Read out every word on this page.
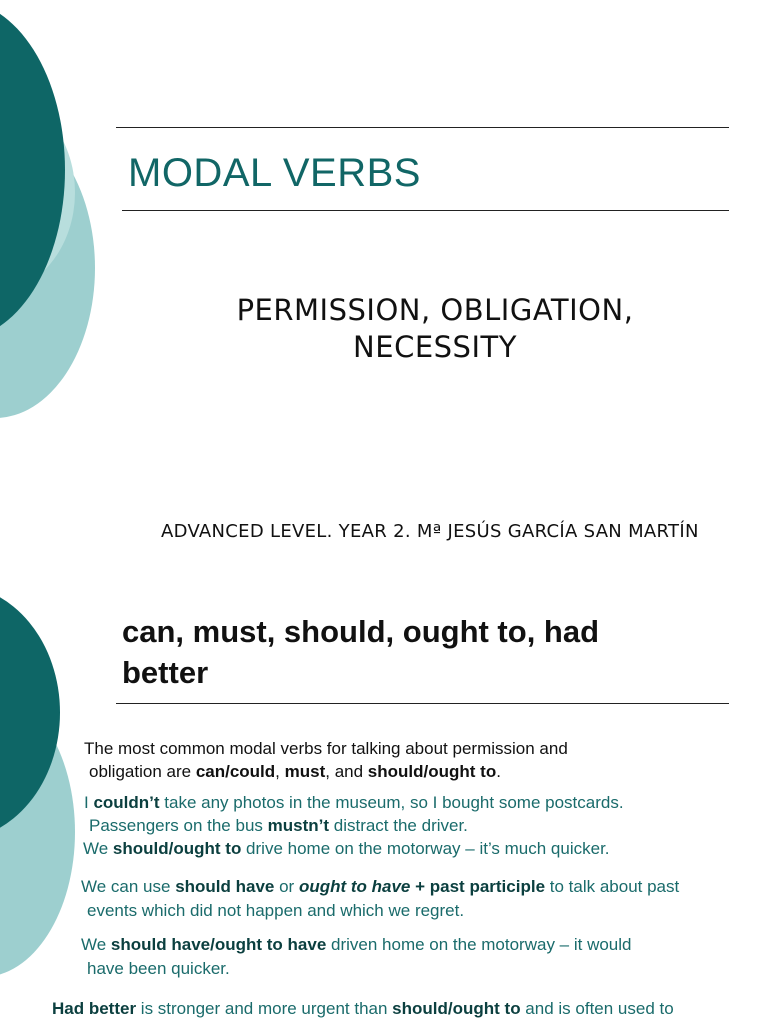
MODAL VERBS
PERMISSION, OBLIGATION,
NECESSITY
ADVANCED LEVEL. YEAR 2. Mª JESÚS GARCÍA SAN MARTÍN
can, must, should, ought to, had
better
The most common modal verbs for talking about permission and
obligation are can/could, must, and should/ought to.
I couldn’t take any photos in the museum, so I bought some postcards.
Passengers on the bus mustn’t distract the driver.
We should/ought to drive home on the motorway – it’s much quicker.
We can use should have or ought to have + past participle to talk about past
events which did not happen and which we regret.
We should have/ought to have driven home on the motorway – it would
have been quicker.
Had better is stronger and more urgent than should/ought to and is often used to
